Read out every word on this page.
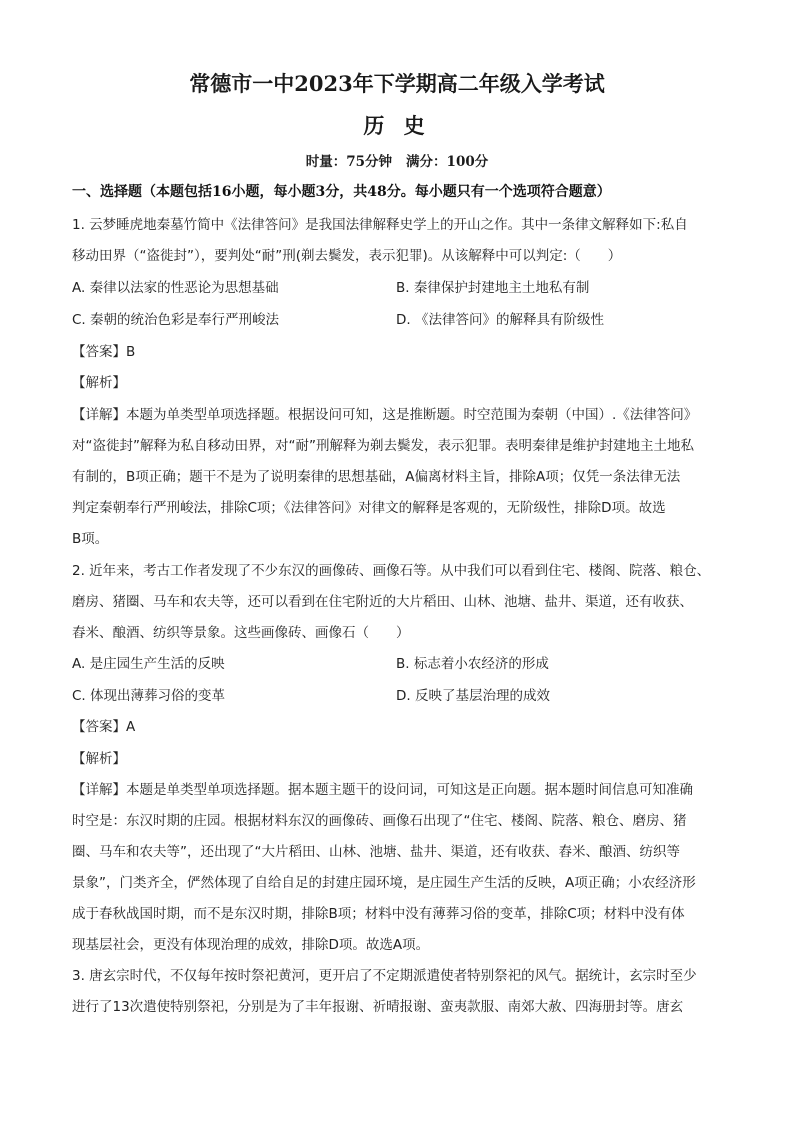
常德市一中2023年下学期高二年级入学考试
历 史
时量：75分钟 满分：100分
一、选择题（本题包括16小题，每小题3分，共48分。每小题只有一个选项符合题意）
1. 云梦睡虎地秦墓竹简中《法律答问》是我国法律解释史学上的开山之作。其中一条律文解释如下:私自
移动田界（“盗徙封”），要判处“耐”刑(剃去鬓发，表示犯罪)。从该解释中可以判定:（　　）
A. 秦律以法家的性恶论为思想基础	B. 秦律保护封建地主土地私有制
C. 秦朝的统治色彩是奉行严刑峻法	D. 《法律答问》的解释具有阶级性
【答案】B
【解析】
【详解】本题为单类型单项选择题。根据设问可知，这是推断题。时空范围为秦朝（中国）.《法律答问》
对“盗徙封”解释为私自移动田界，对“耐”刑解释为剃去鬓发，表示犯罪。表明秦律是维护封建地主土地私
有制的，B项正确；题干不是为了说明秦律的思想基础，A偏离材料主旨，排除A项；仅凭一条法律无法
判定秦朝奉行严刑峻法，排除C项；《法律答问》对律文的解释是客观的，无阶级性，排除D项。故选
B项。
2. 近年来，考古工作者发现了不少东汉的画像砖、画像石等。从中我们可以看到住宅、楼阁、院落、粮仓、
磨房、猪圈、马车和农夫等，还可以看到在住宅附近的大片稻田、山林、池塘、盐井、渠道，还有收获、
舂米、酿酒、纺织等景象。这些画像砖、画像石（　　）
A. 是庄园生产生活的反映	B. 标志着小农经济的形成
C. 体现出薄葬习俗的变革	D. 反映了基层治理的成效
【答案】A
【解析】
【详解】本题是单类型单项选择题。据本题主题干的设问词，可知这是正向题。据本题时间信息可知准确
时空是：东汉时期的庄园。根据材料东汉的画像砖、画像石出现了“住宅、楼阁、院落、粮仓、磨房、猪
圈、马车和农夫等”，还出现了“大片稻田、山林、池塘、盐井、渠道，还有收获、舂米、酿酒、纺织等
景象”，门类齐全，俨然体现了自给自足的封建庄园环境，是庄园生产生活的反映，A项正确；小农经济形
成于春秋战国时期，而不是东汉时期，排除B项；材料中没有薄葬习俗的变革，排除C项；材料中没有体
现基层社会，更没有体现治理的成效，排除D项。故选A项。
3. 唐玄宗时代，不仅每年按时祭祀黄河，更开启了不定期派遣使者特别祭祀的风气。据统计，玄宗时至少
进行了13次遣使特别祭祀，分别是为了丰年报谢、祈晴报谢、蛮夷款服、南郊大赦、四海册封等。唐玄
